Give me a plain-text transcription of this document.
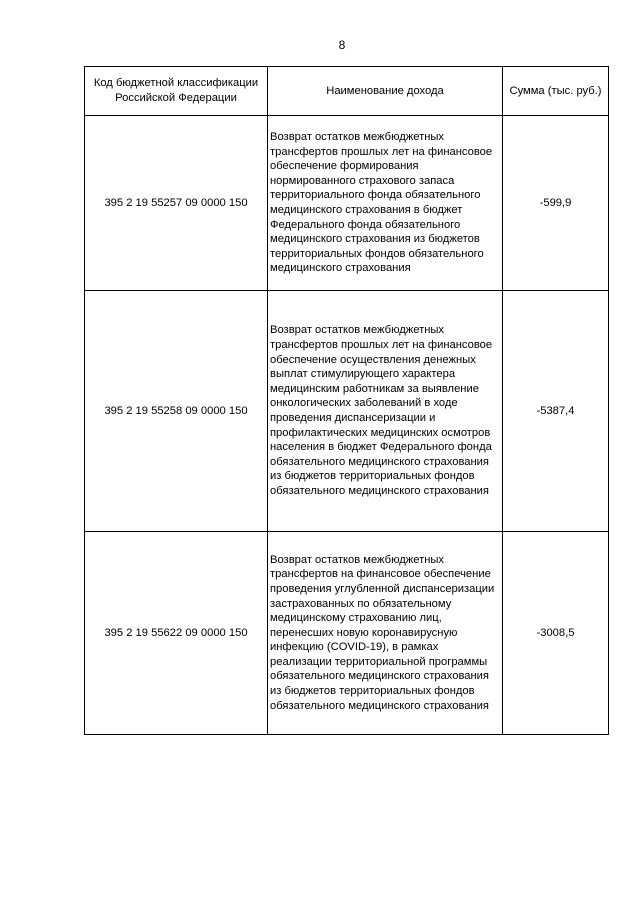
8
Код бюджетной классификации Российской Федерации	Наименование дохода	Сумма (тыс. руб.)
395 2 19 55257 09 0000 150	Возврат остатков межбюджетных трансфертов прошлых лет на финансовое обеспечение формирования нормированного страхового запаса территориального фонда обязательного медицинского страхования в бюджет Федерального фонда обязательного медицинского страхования из бюджетов территориальных фондов обязательного медицинского страхования	-599,9
395 2 19 55258 09 0000 150	Возврат остатков межбюджетных трансфертов прошлых лет на финансовое обеспечение осуществления денежных выплат стимулирующего характера медицинским работникам за выявление онкологических заболеваний в ходе проведения диспансеризации и профилактических медицинских осмотров населения в бюджет Федерального фонда обязательного медицинского страхования из бюджетов территориальных фондов обязательного медицинского страхования	-5387,4
395 2 19 55622 09 0000 150	Возврат остатков межбюджетных трансфертов на финансовое обеспечение проведения углубленной диспансеризации застрахованных по обязательному медицинскому страхованию лиц, перенесших новую коронавирусную инфекцию (COVID-19), в рамках реализации территориальной программы обязательного медицинского страхования из бюджетов территориальных фондов обязательного медицинского страхования	-3008,5
